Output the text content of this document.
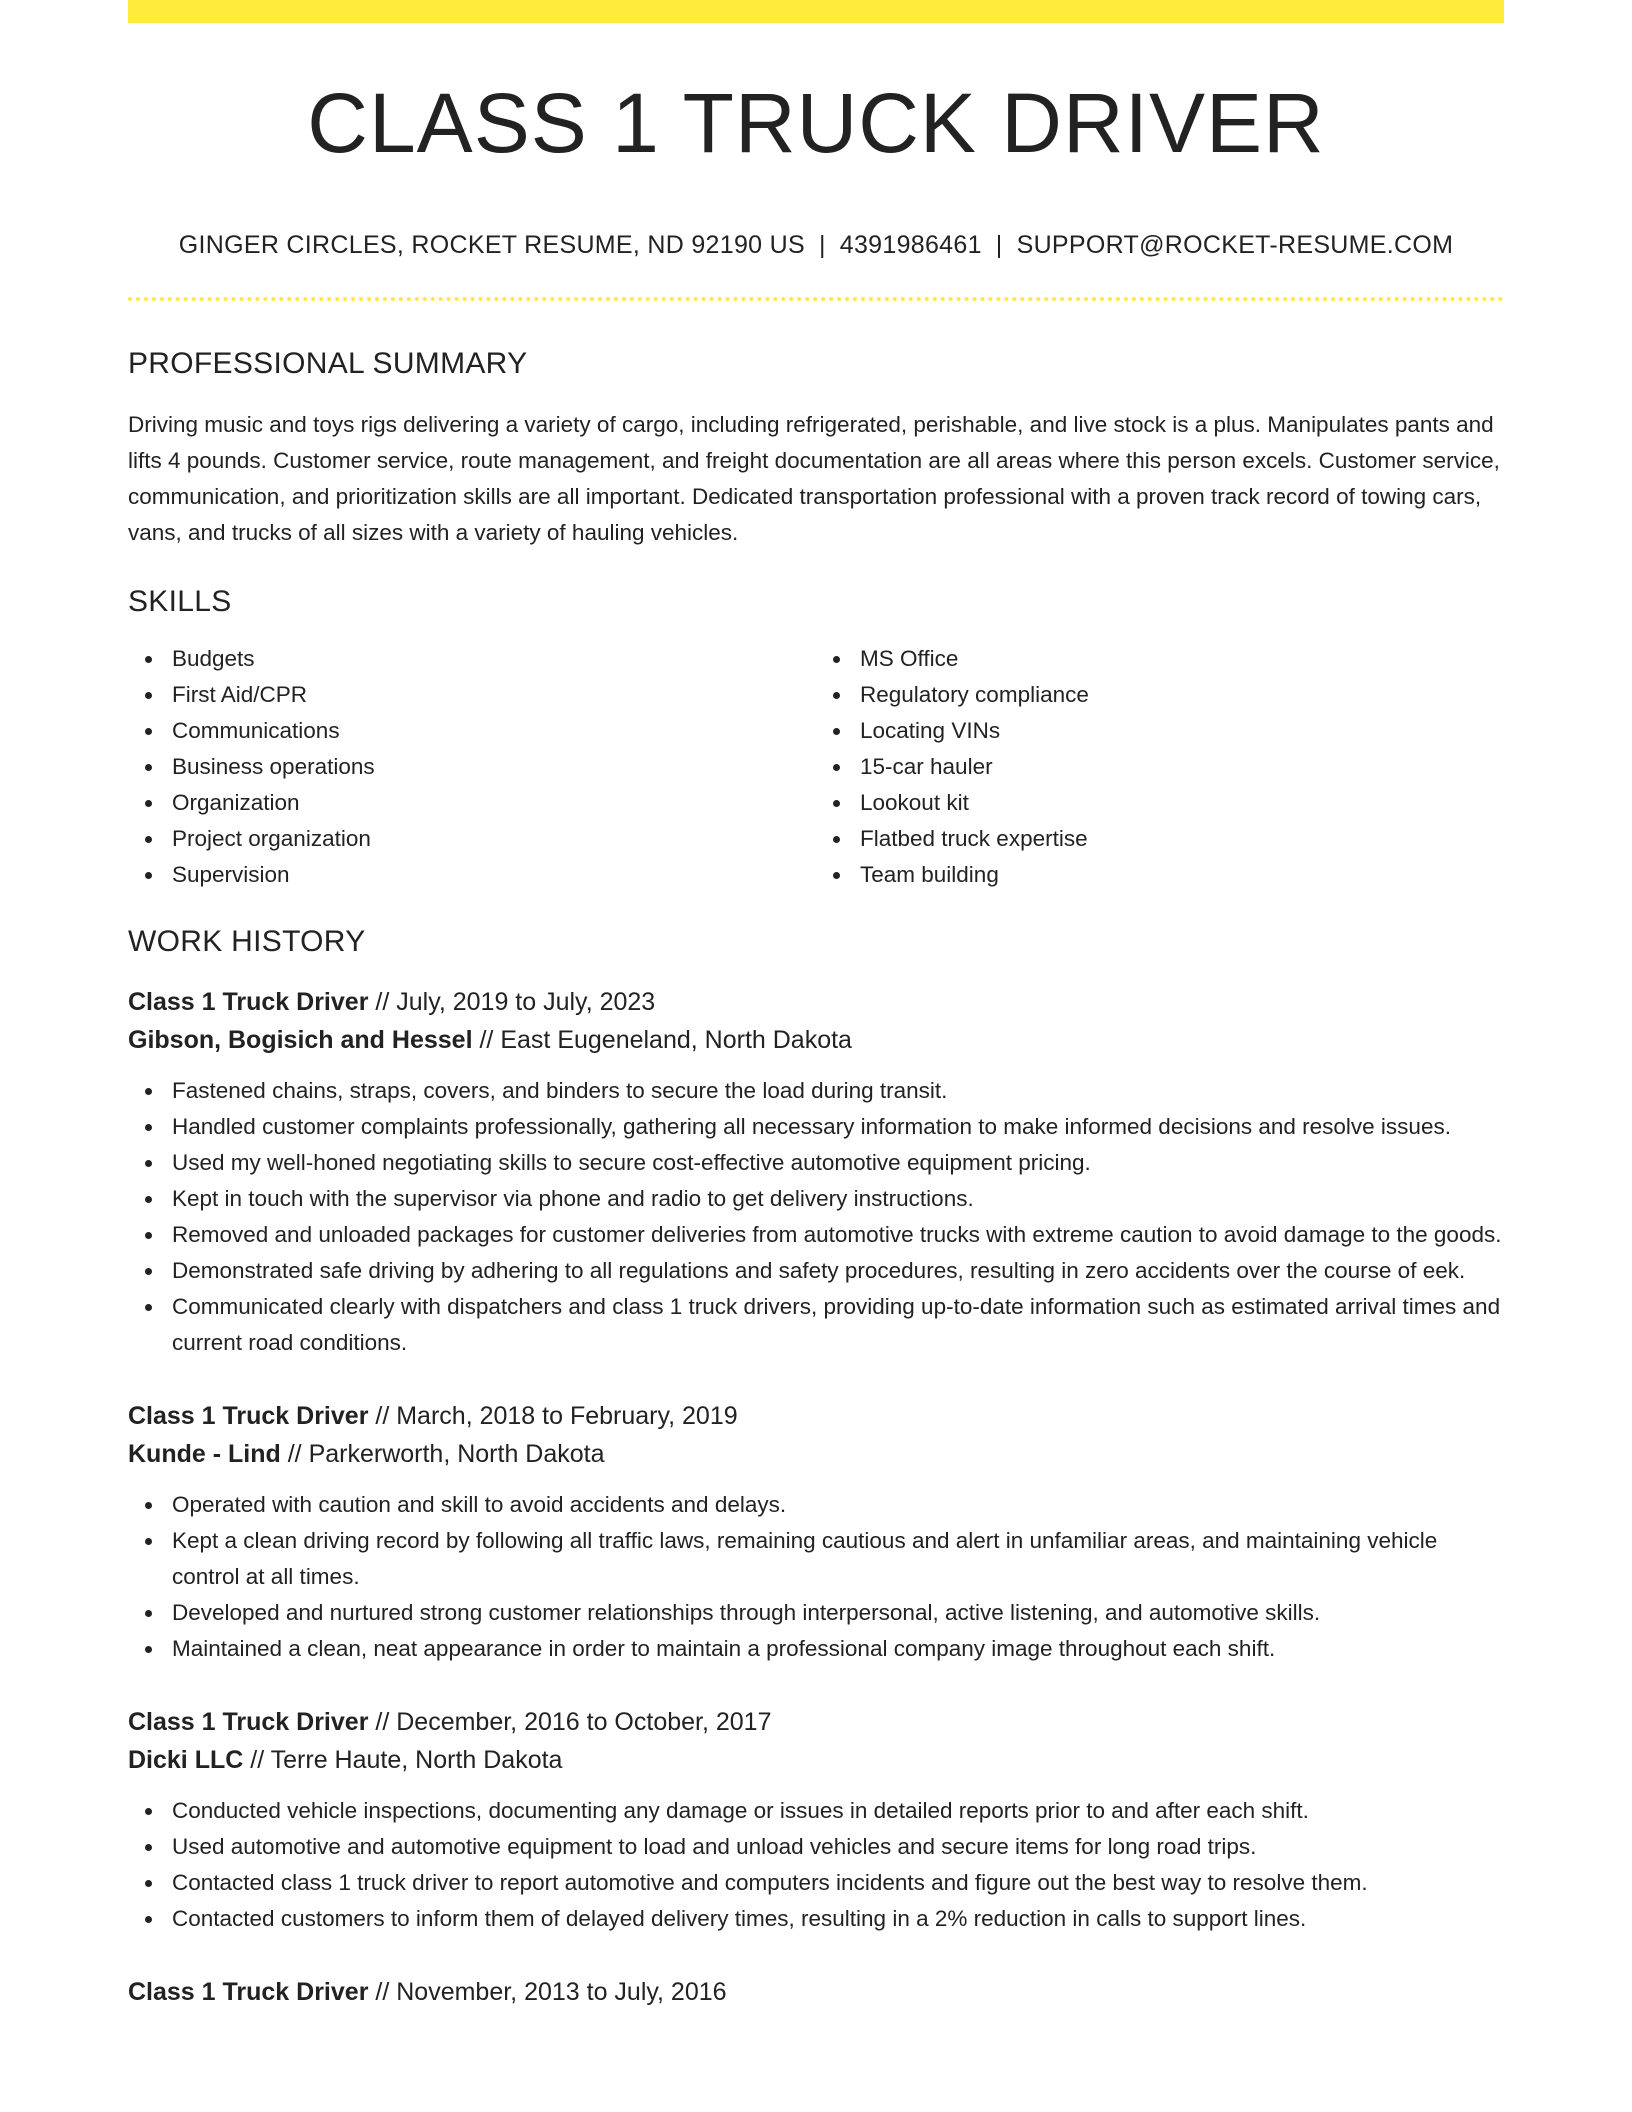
CLASS 1 TRUCK DRIVER
GINGER CIRCLES, ROCKET RESUME, ND 92190 US | 4391986461 | SUPPORT@ROCKET-RESUME.COM
PROFESSIONAL SUMMARY
Driving music and toys rigs delivering a variety of cargo, including refrigerated, perishable, and live stock is a plus. Manipulates pants and lifts 4 pounds. Customer service, route management, and freight documentation are all areas where this person excels. Customer service, communication, and prioritization skills are all important. Dedicated transportation professional with a proven track record of towing cars, vans, and trucks of all sizes with a variety of hauling vehicles.
SKILLS
Budgets
First Aid/CPR
Communications
Business operations
Organization
Project organization
Supervision
MS Office
Regulatory compliance
Locating VINs
15-car hauler
Lookout kit
Flatbed truck expertise
Team building
WORK HISTORY
Class 1 Truck Driver // July, 2019 to July, 2023
Gibson, Bogisich and Hessel // East Eugeneland, North Dakota
Fastened chains, straps, covers, and binders to secure the load during transit.
Handled customer complaints professionally, gathering all necessary information to make informed decisions and resolve issues.
Used my well-honed negotiating skills to secure cost-effective automotive equipment pricing.
Kept in touch with the supervisor via phone and radio to get delivery instructions.
Removed and unloaded packages for customer deliveries from automotive trucks with extreme caution to avoid damage to the goods.
Demonstrated safe driving by adhering to all regulations and safety procedures, resulting in zero accidents over the course of eek.
Communicated clearly with dispatchers and class 1 truck drivers, providing up-to-date information such as estimated arrival times and current road conditions.
Class 1 Truck Driver // March, 2018 to February, 2019
Kunde - Lind // Parkerworth, North Dakota
Operated with caution and skill to avoid accidents and delays.
Kept a clean driving record by following all traffic laws, remaining cautious and alert in unfamiliar areas, and maintaining vehicle control at all times.
Developed and nurtured strong customer relationships through interpersonal, active listening, and automotive skills.
Maintained a clean, neat appearance in order to maintain a professional company image throughout each shift.
Class 1 Truck Driver // December, 2016 to October, 2017
Dicki LLC // Terre Haute, North Dakota
Conducted vehicle inspections, documenting any damage or issues in detailed reports prior to and after each shift.
Used automotive and automotive equipment to load and unload vehicles and secure items for long road trips.
Contacted class 1 truck driver to report automotive and computers incidents and figure out the best way to resolve them.
Contacted customers to inform them of delayed delivery times, resulting in a 2% reduction in calls to support lines.
Class 1 Truck Driver // November, 2013 to July, 2016
